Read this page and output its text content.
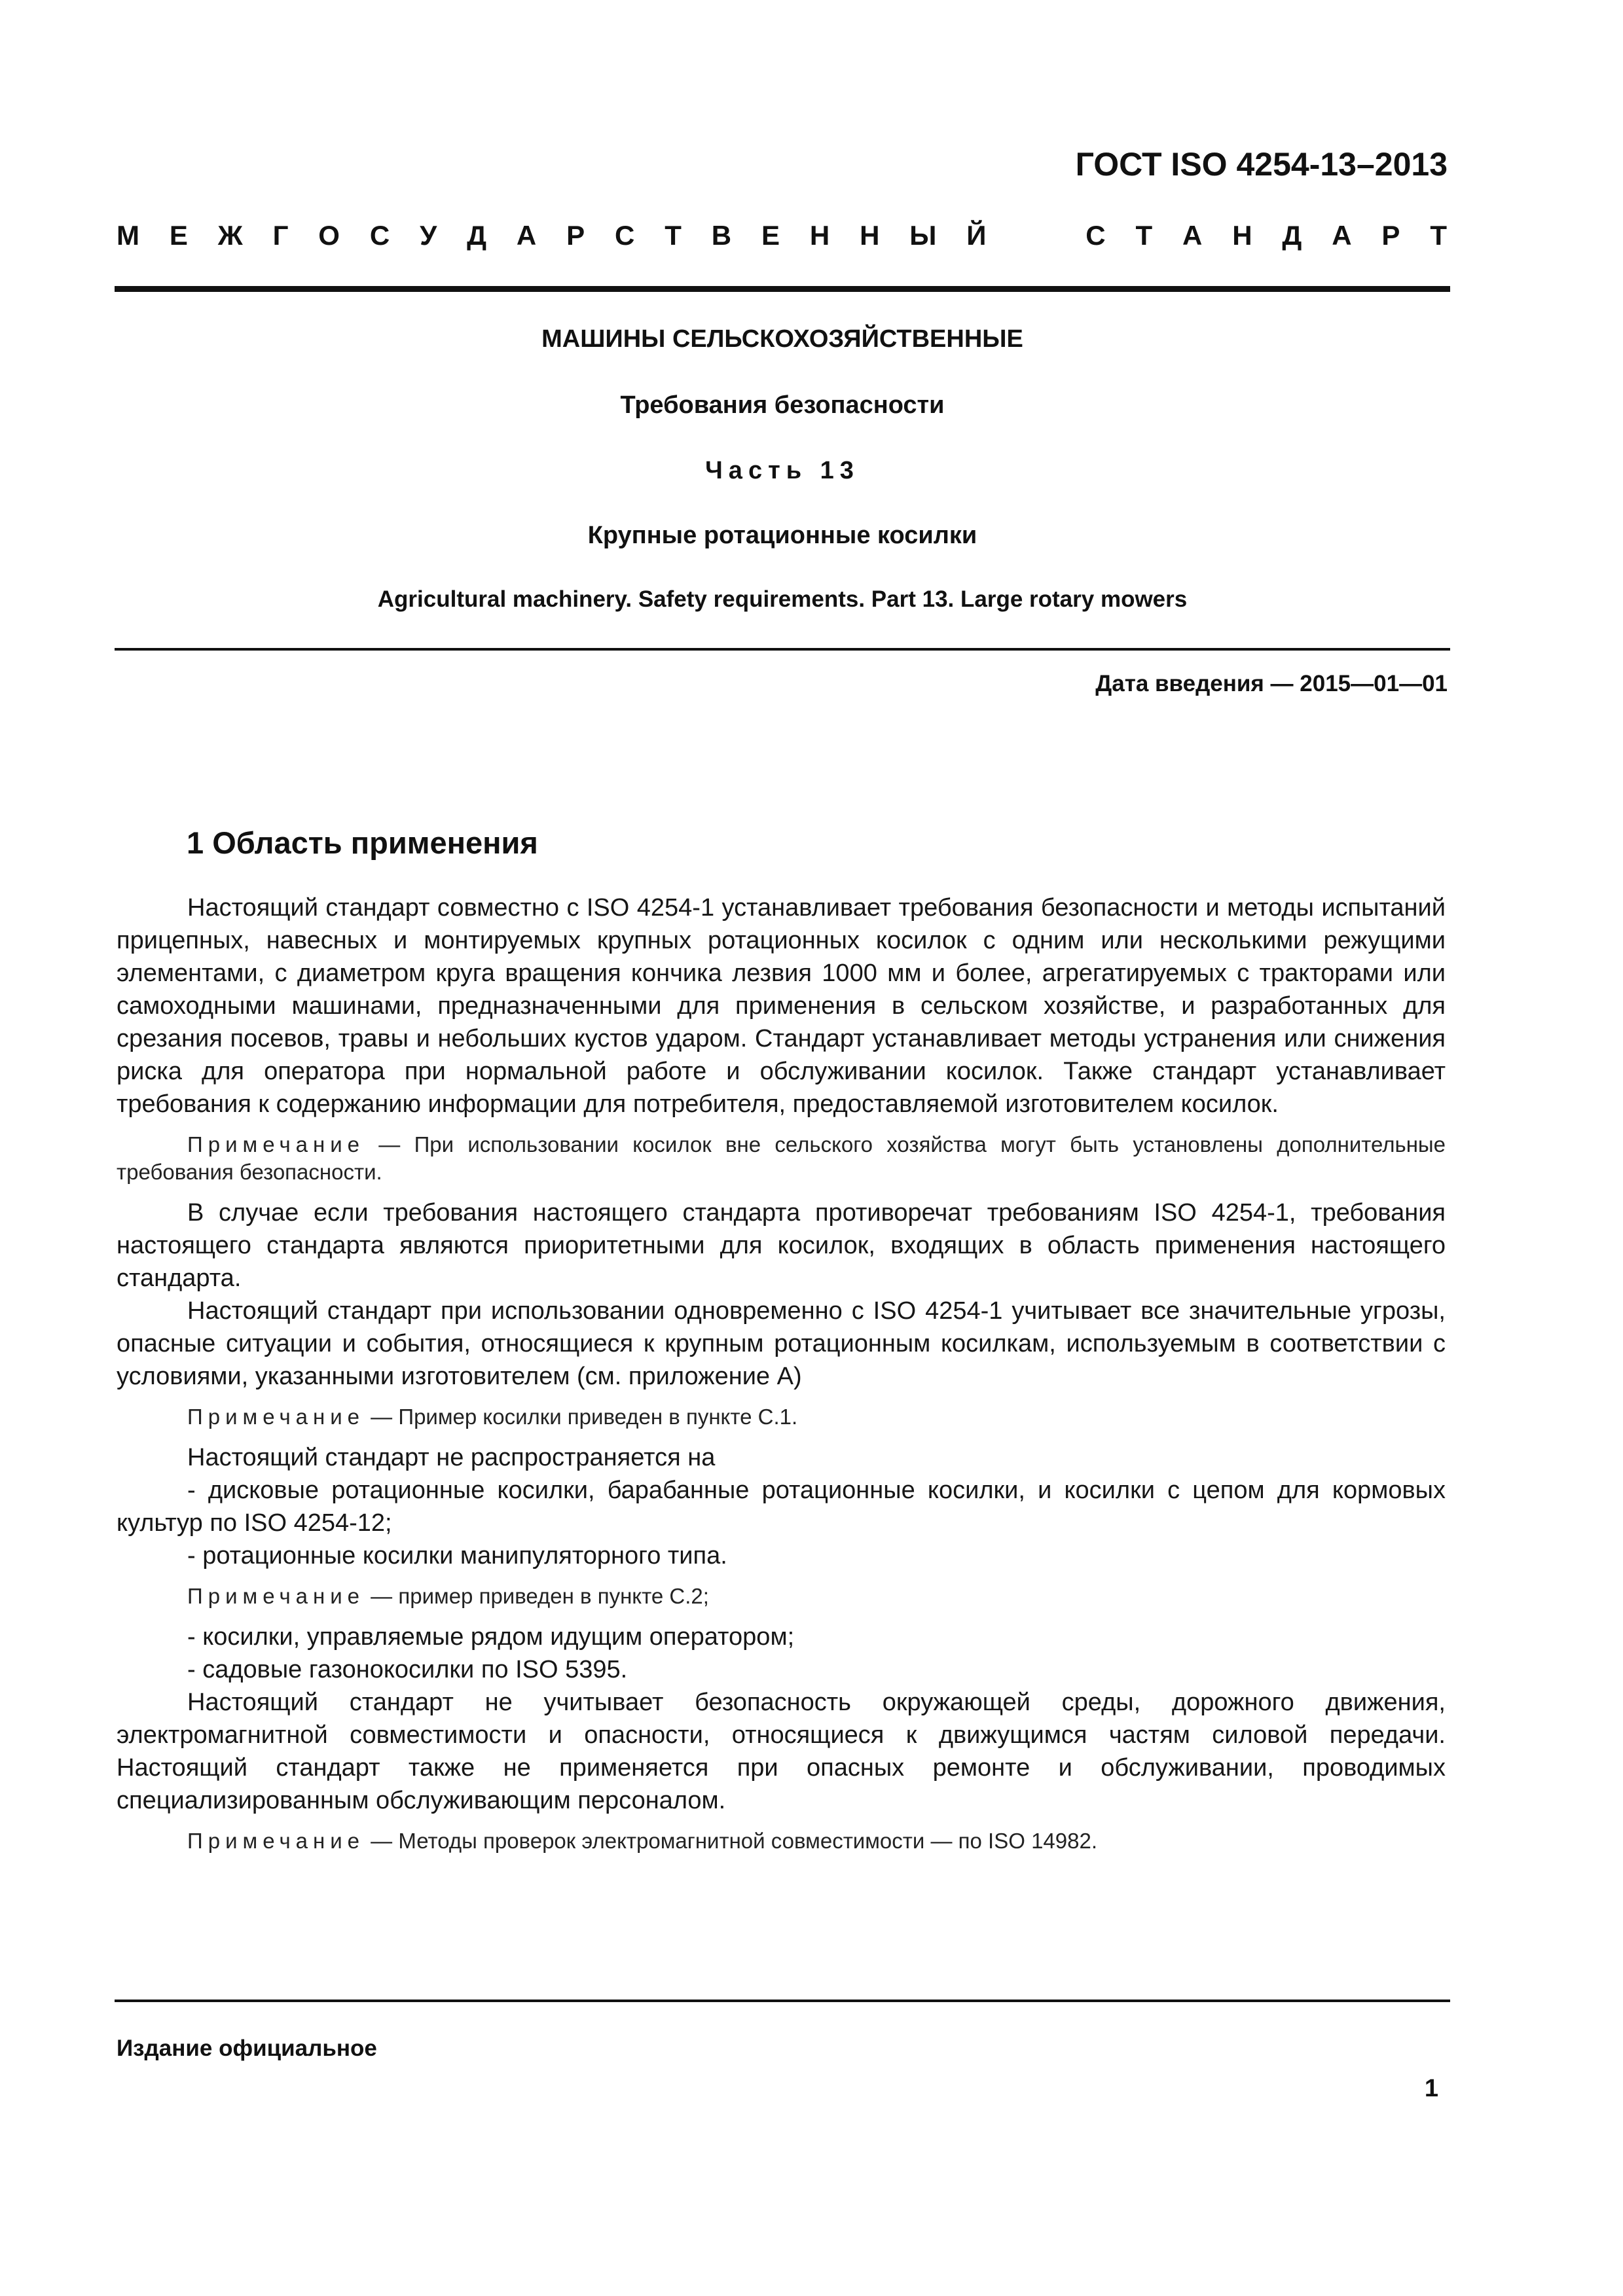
ГОСТ ISO 4254-13–2013
М Е Ж Г О С У Д А Р С Т В Е Н Н Ы Й	С Т А Н Д А Р Т
МАШИНЫ СЕЛЬСКОХОЗЯЙСТВЕННЫЕ
Требования безопасности
Часть 13
Крупные ротационные косилки
Agricultural machinery. Safety requirements. Part 13. Large rotary mowers
Дата введения — 2015—01—01
1 Область применения

Настоящий стандарт совместно с ISO 4254-1 устанавливает требования безопасности и методы испытаний прицепных, навесных и монтируемых крупных ротационных косилок с одним или несколькими режущими элементами, с диаметром круга вращения кончика лезвия 1000 мм и более, агрегатируемых с тракторами или самоходными машинами, предназначенными для применения в сельском хозяйстве, и разработанных для срезания посевов, травы и небольших кустов ударом. Стандарт устанавливает методы устранения или снижения риска для оператора при нормальной работе и обслуживании косилок. Также стандарт устанавливает требования к содержанию информации для потребителя, предоставляемой изготовителем косилок.

Примечание — При использовании косилок вне сельского хозяйства могут быть установлены дополнительные требования безопасности.

В случае если требования настоящего стандарта противоречат требованиям ISO 4254-1, требования настоящего стандарта являются приоритетными для косилок, входящих в область применения настоящего стандарта.

Настоящий стандарт при использовании одновременно с ISO 4254-1 учитывает все значительные угрозы, опасные ситуации и события, относящиеся к крупным ротационным косилкам, используемым в соответствии с условиями, указанными изготовителем (см. приложение А)

Примечание — Пример косилки приведен в пункте С.1.

Настоящий стандарт не распространяется на

- дисковые ротационные косилки, барабанные ротационные косилки, и косилки с цепом для кормовых культур по ISO 4254-12;

- ротационные косилки манипуляторного типа.

Примечание — пример приведен в пункте С.2;

- косилки, управляемые рядом идущим оператором;

- садовые газонокосилки по ISO 5395.

Настоящий стандарт не учитывает безопасность окружающей среды, дорожного движения, электромагнитной совместимости и опасности, относящиеся к движущимся частям силовой передачи. Настоящий стандарт также не применяется при опасных ремонте и обслуживании, проводимых специализированным обслуживающим персоналом.

Примечание — Методы проверок электромагнитной совместимости — по ISO 14982.

Издание официальное
1
